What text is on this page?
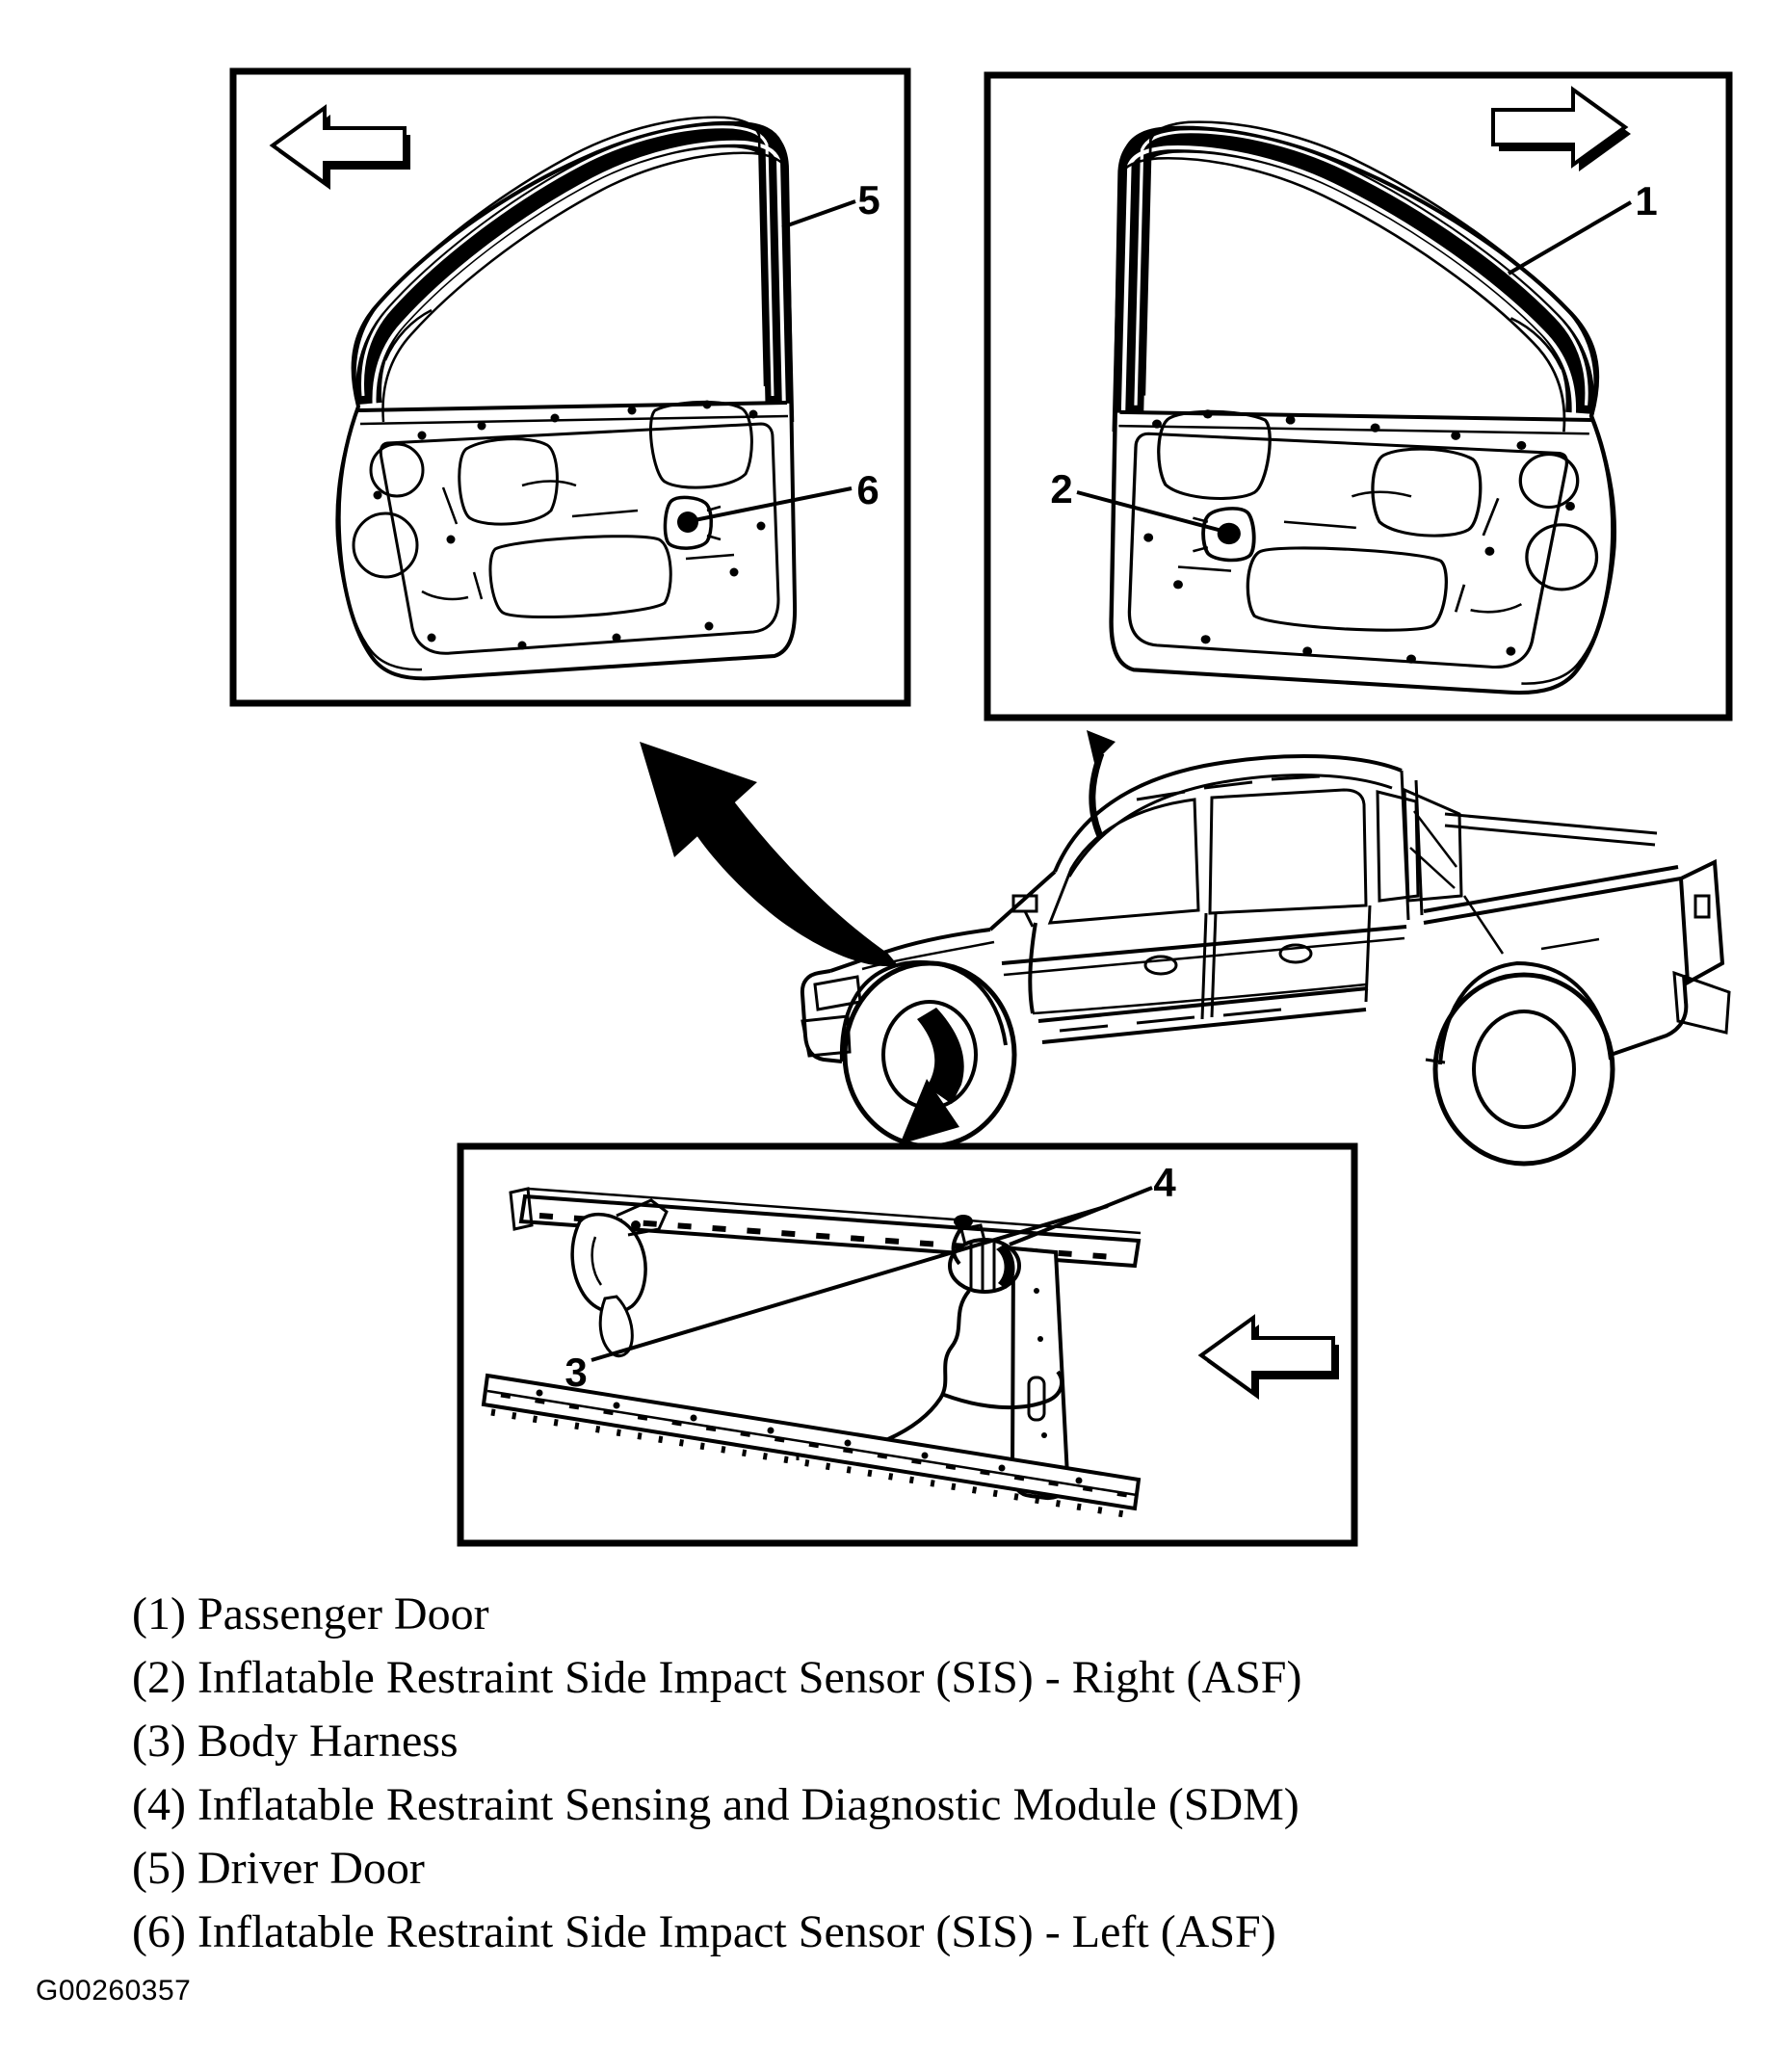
1
2
3
4
5
6
(1) Passenger Door
(2) Inflatable Restraint Side Impact Sensor (SIS) - Right (ASF)
(3) Body Harness
(4) Inflatable Restraint Sensing and Diagnostic Module (SDM)
(5) Driver Door
(6) Inflatable Restraint Side Impact Sensor (SIS) - Left (ASF)
G00260357
